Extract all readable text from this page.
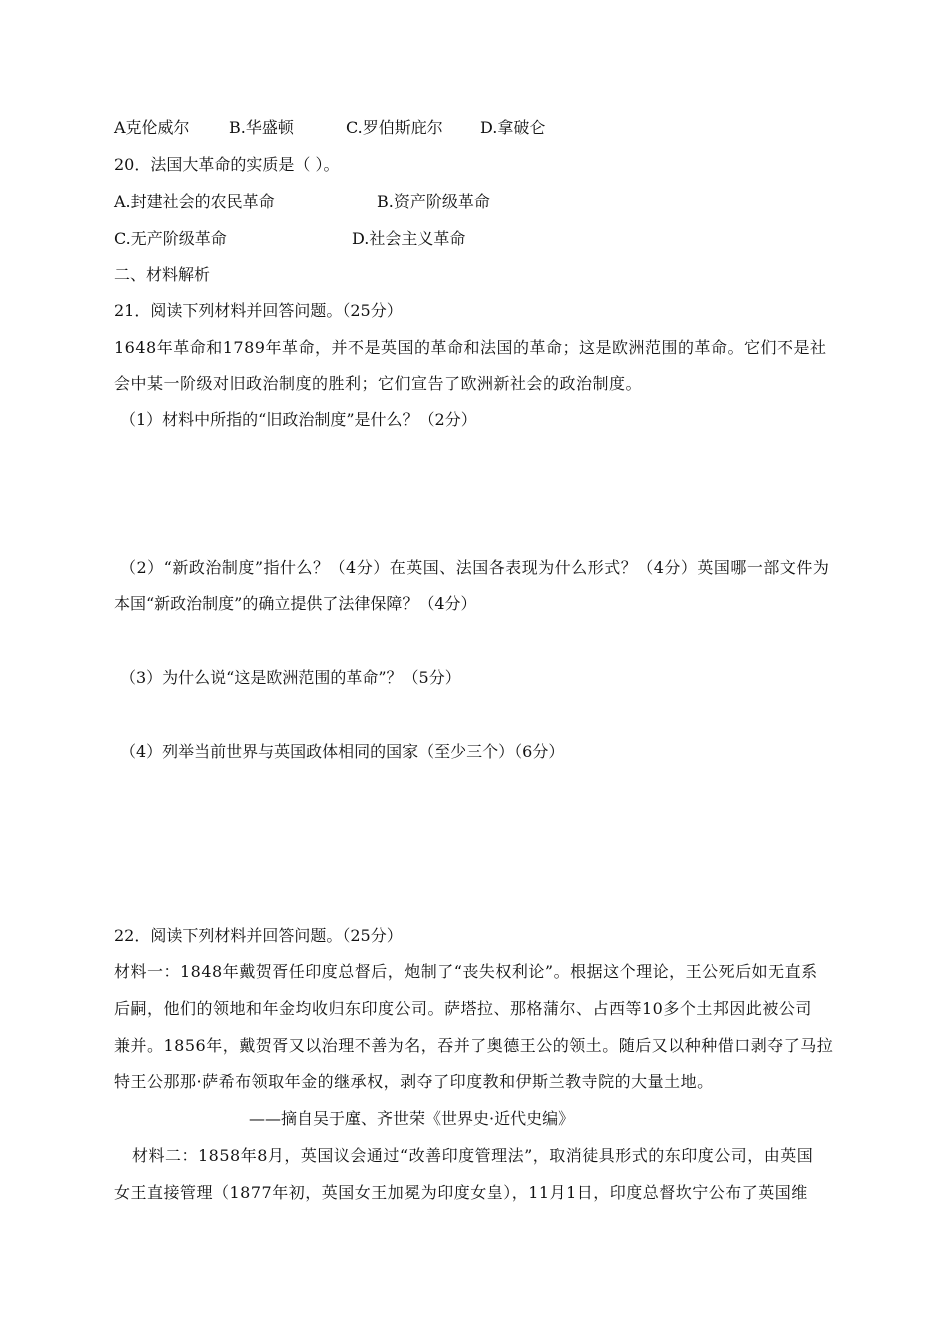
A克伦威尔 B.华盛顿	C.罗伯斯庇尔 D.拿破仑
20．法国大革命的实质是（ ）。
A.封建社会的农民革命	B.资产阶级革命
C.无产阶级革命	D.社会主义革命
二、材料解析
21．阅读下列材料并回答问题。（25分）
1648年革命和1789年革命，并不是英国的革命和法国的革命；这是欧洲范围的革命。它们不是社
会中某一阶级对旧政治制度的胜利；它们宣告了欧洲新社会的政治制度。
（1）材料中所指的“旧政治制度”是什么？（2分）
（2）“新政治制度”指什么？（4分）在英国、法国各表现为什么形式？（4分）英国哪一部文件为
本国“新政治制度”的确立提供了法律保障？（4分）
（3）为什么说“这是欧洲范围的革命”？（5分）
（4）列举当前世界与英国政体相同的国家（至少三个）（6分）
22．阅读下列材料并回答问题。（25分）
材料一：1848年戴贺胥任印度总督后，炮制了“丧失权利论”。根据这个理论，王公死后如无直系
后嗣，他们的领地和年金均收归东印度公司。萨塔拉、那格蒲尔、占西等10多个土邦因此被公司
兼并。1856年，戴贺胥又以治理不善为名，吞并了奥德王公的领土。随后又以种种借口剥夺了马拉
特王公那那·萨希布领取年金的继承权，剥夺了印度教和伊斯兰教寺院的大量土地。
——摘自吴于廑、齐世荣《世界史·近代史编》
材料二：1858年8月，英国议会通过“改善印度管理法”，取消徒具形式的东印度公司，由英国
女王直接管理（1877年初，英国女王加冕为印度女皇），11月1日，印度总督坎宁公布了英国维
